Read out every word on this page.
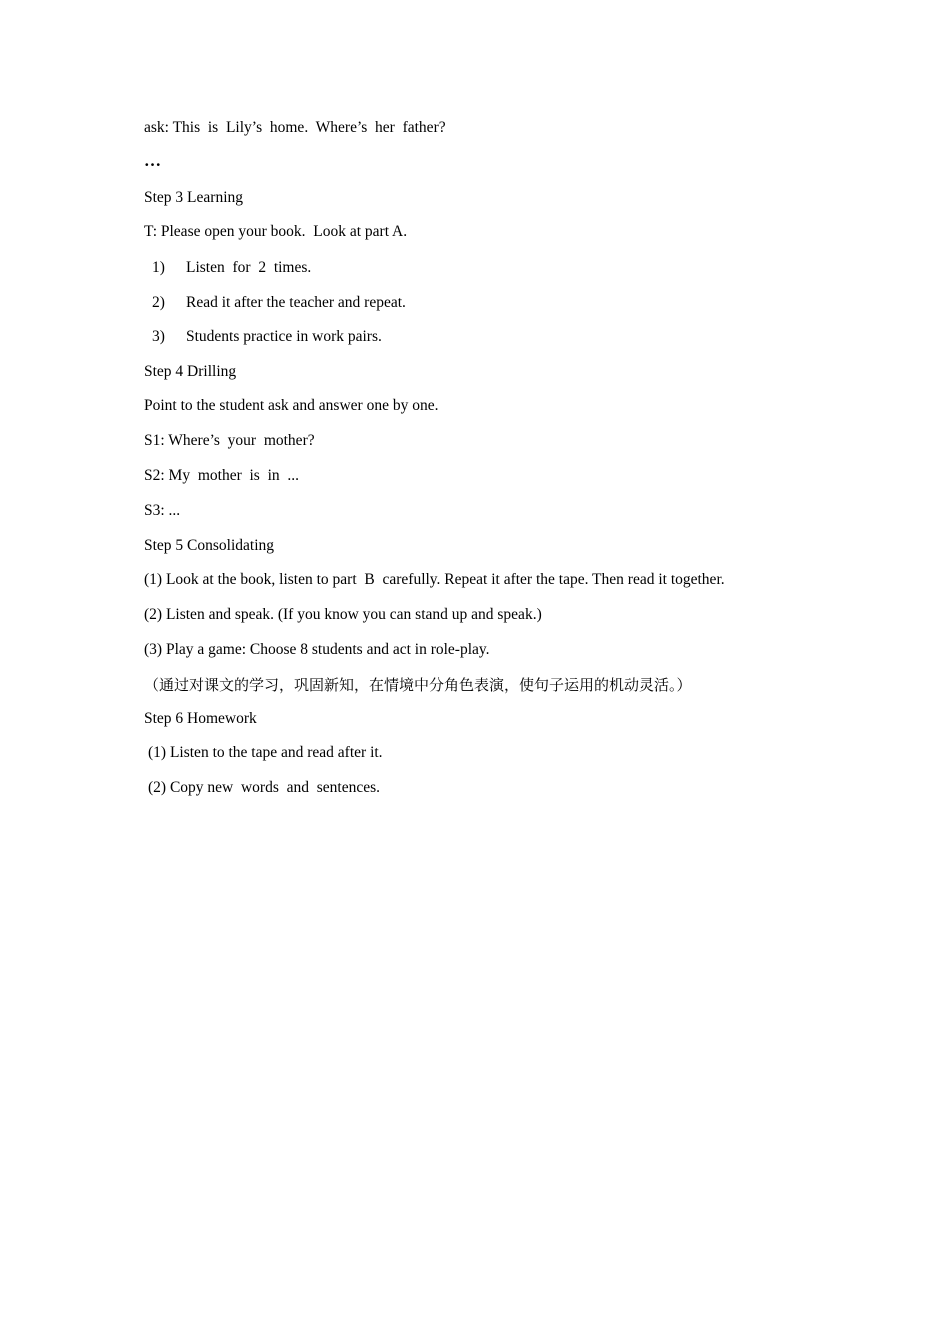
ask: This  is  Lily’s  home.  Where’s  her  father?
…
Step 3 Learning
T: Please open your book.  Look at part A.
1) Listen  for  2  times.
2) Read it after the teacher and repeat.
3) Students practice in work pairs.
Step 4 Drilling
Point to the student ask and answer one by one.
S1: Where’s  your  mother?
S2: My  mother  is  in  ...
S3: ...
Step 5 Consolidating
(1) Look at the book, listen to part  B  carefully. Repeat it after the tape. Then read it together.
(2) Listen and speak. (If you know you can stand up and speak.)
(3) Play a game: Choose 8 students and act in role-play.
（通过对课文的学习，巩固新知，在情境中分角色表演，使句子运用的机动灵活。）
Step 6 Homework
(1) Listen to the tape and read after it.
(2) Copy new  words  and  sentences.
